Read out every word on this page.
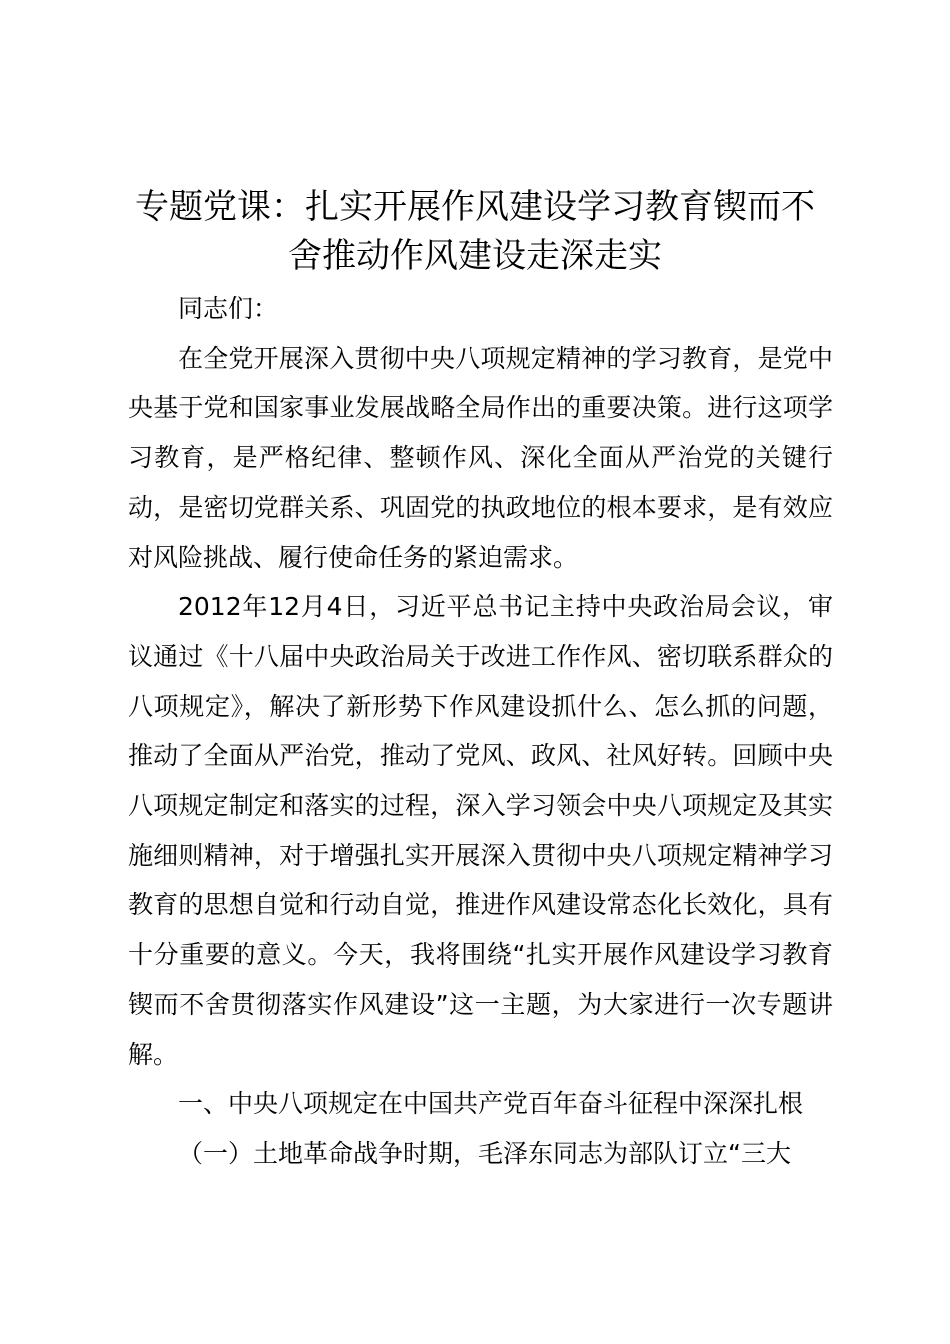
专题党课：扎实开展作风建设学习教育锲而不
舍推动作风建设走深走实

同志们：

在全党开展深入贯彻中央八项规定精神的学习教育，是党中央基于党和国家事业发展战略全局作出的重要决策。进行这项学习教育，是严格纪律、整顿作风、深化全面从严治党的关键行动，是密切党群关系、巩固党的执政地位的根本要求，是有效应对风险挑战、履行使命任务的紧迫需求。

2012年12月4日，习近平总书记主持中央政治局会议，审议通过《十八届中央政治局关于改进工作作风、密切联系群众的八项规定》，解决了新形势下作风建设抓什么、怎么抓的问题，推动了全面从严治党，推动了党风、政风、社风好转。回顾中央八项规定制定和落实的过程，深入学习领会中央八项规定及其实施细则精神，对于增强扎实开展深入贯彻中央八项规定精神学习教育的思想自觉和行动自觉，推进作风建设常态化长效化，具有十分重要的意义。今天，我将围绕“扎实开展作风建设学习教育 锲而不舍贯彻落实作风建设”这一主题，为大家进行一次专题讲解。

一、中央八项规定在中国共产党百年奋斗征程中深深扎根

（一）土地革命战争时期，毛泽东同志为部队订立“三大
